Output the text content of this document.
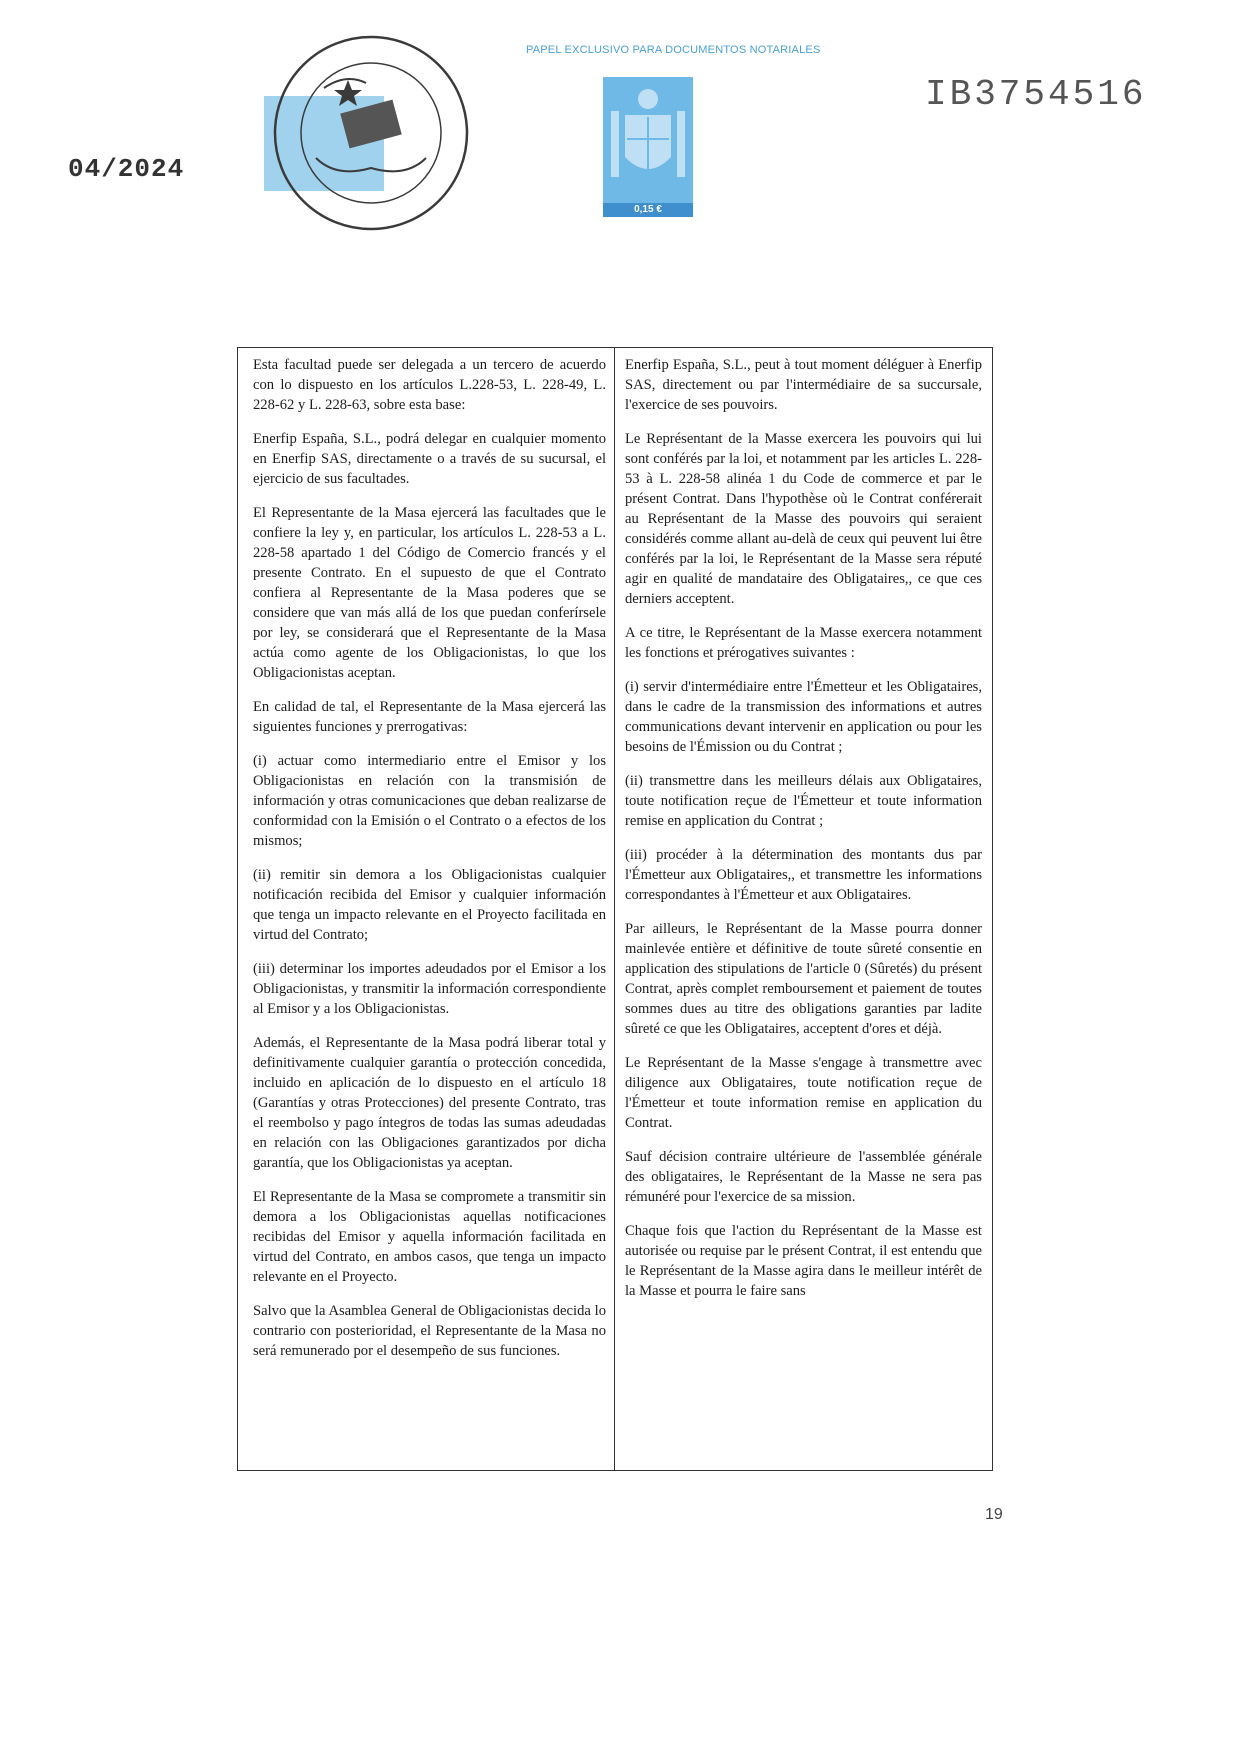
04/2024
PAPEL EXCLUSIVO PARA DOCUMENTOS NOTARIALES
0,15 €
IB3754516

Esta facultad puede ser delegada a un tercero de acuerdo con lo dispuesto en los artículos L.228-53, L. 228-49, L. 228-62 y L. 228-63, sobre esta base:

Enerfip España, S.L., podrá delegar en cualquier momento en Enerfip SAS, directamente o a través de su sucursal, el ejercicio de sus facultades.

El Representante de la Masa ejercerá las facultades que le confiere la ley y, en particular, los artículos L. 228-53 a L. 228-58 apartado 1 del Código de Comercio francés y el presente Contrato. En el supuesto de que el Contrato confiera al Representante de la Masa poderes que se considere que van más allá de los que puedan conferírsele por ley, se considerará que el Representante de la Masa actúa como agente de los Obligacionistas, lo que los Obligacionistas aceptan.

En calidad de tal, el Representante de la Masa ejercerá las siguientes funciones y prerrogativas:

(i) actuar como intermediario entre el Emisor y los Obligacionistas en relación con la transmisión de información y otras comunicaciones que deban realizarse de conformidad con la Emisión o el Contrato o a efectos de los mismos;

(ii) remitir sin demora a los Obligacionistas cualquier notificación recibida del Emisor y cualquier información que tenga un impacto relevante en el Proyecto facilitada en virtud del Contrato;

(iii) determinar los importes adeudados por el Emisor a los Obligacionistas, y transmitir la información correspondiente al Emisor y a los Obligacionistas.

Además, el Representante de la Masa podrá liberar total y definitivamente cualquier garantía o protección concedida, incluido en aplicación de lo dispuesto en el artículo 18 (Garantías y otras Protecciones) del presente Contrato, tras el reembolso y pago íntegros de todas las sumas adeudadas en relación con las Obligaciones garantizados por dicha garantía, que los Obligacionistas ya aceptan.

El Representante de la Masa se compromete a transmitir sin demora a los Obligacionistas aquellas notificaciones recibidas del Emisor y aquella información facilitada en virtud del Contrato, en ambos casos, que tenga un impacto relevante en el Proyecto.

Salvo que la Asamblea General de Obligacionistas decida lo contrario con posterioridad, el Representante de la Masa no será remunerado por el desempeño de sus funciones.

Enerfip España, S.L., peut à tout moment déléguer à Enerfip SAS, directement ou par l'intermédiaire de sa succursale, l'exercice de ses pouvoirs.

Le Représentant de la Masse exercera les pouvoirs qui lui sont conférés par la loi, et notamment par les articles L. 228-53 à L. 228-58 alinéa 1 du Code de commerce et par le présent Contrat. Dans l'hypothèse où le Contrat conférerait au Représentant de la Masse des pouvoirs qui seraient considérés comme allant au-delà de ceux qui peuvent lui être conférés par la loi, le Représentant de la Masse sera réputé agir en qualité de mandataire des Obligataires,, ce que ces derniers acceptent.

A ce titre, le Représentant de la Masse exercera notamment les fonctions et prérogatives suivantes :

(i) servir d'intermédiaire entre l'Émetteur et les Obligataires, dans le cadre de la transmission des informations et autres communications devant intervenir en application ou pour les besoins de l'Émission ou du Contrat ;

(ii) transmettre dans les meilleurs délais aux Obligataires, toute notification reçue de l'Émetteur et toute information remise en application du Contrat ;

(iii) procéder à la détermination des montants dus par l'Émetteur aux Obligataires,, et transmettre les informations correspondantes à l'Émetteur et aux Obligataires.

Par ailleurs, le Représentant de la Masse pourra donner mainlevée entière et définitive de toute sûreté consentie en application des stipulations de l'article 0 (Sûretés) du présent Contrat, après complet remboursement et paiement de toutes sommes dues au titre des obligations garanties par ladite sûreté ce que les Obligataires, acceptent d'ores et déjà.

Le Représentant de la Masse s'engage à transmettre avec diligence aux Obligataires, toute notification reçue de l'Émetteur et toute information remise en application du Contrat.

Sauf décision contraire ultérieure de l'assemblée générale des obligataires, le Représentant de la Masse ne sera pas rémunéré pour l'exercice de sa mission.

Chaque fois que l'action du Représentant de la Masse est autorisée ou requise par le présent Contrat, il est entendu que le Représentant de la Masse agira dans le meilleur intérêt de la Masse et pourra le faire sans

19
